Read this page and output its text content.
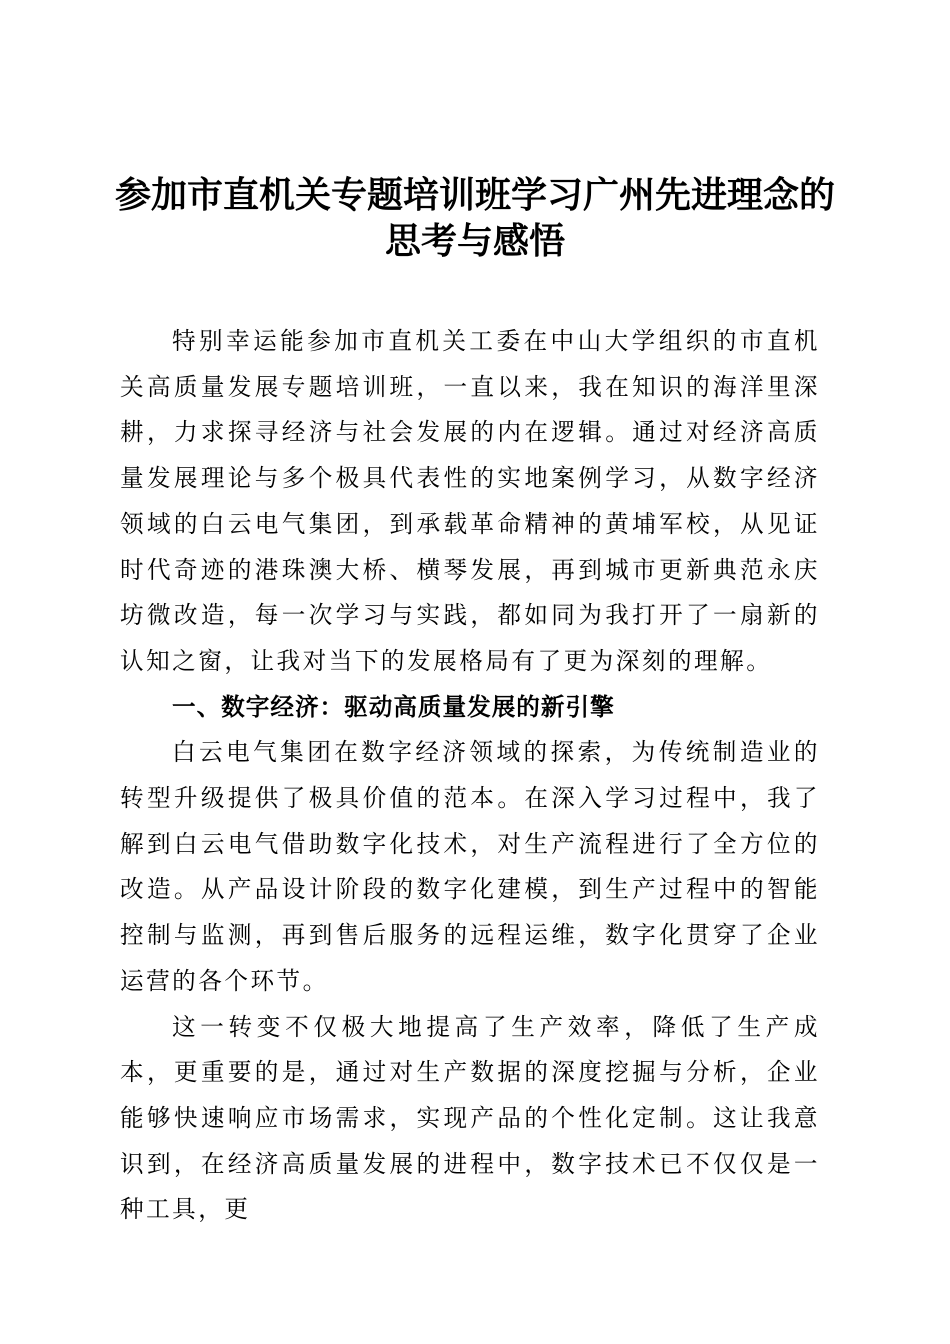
参加市直机关专题培训班学习广州先进理念的思考与感悟

特别幸运能参加市直机关工委在中山大学组织的市直机关高质量发展专题培训班，一直以来，我在知识的海洋里深耕，力求探寻经济与社会发展的内在逻辑。通过对经济高质量发展理论与多个极具代表性的实地案例学习，从数字经济领域的白云电气集团，到承载革命精神的黄埔军校，从见证时代奇迹的港珠澳大桥、横琴发展，再到城市更新典范永庆坊微改造，每一次学习与实践，都如同为我打开了一扇新的认知之窗，让我对当下的发展格局有了更为深刻的理解。

一、数字经济：驱动高质量发展的新引擎

白云电气集团在数字经济领域的探索，为传统制造业的转型升级提供了极具价值的范本。在深入学习过程中，我了解到白云电气借助数字化技术，对生产流程进行了全方位的改造。从产品设计阶段的数字化建模，到生产过程中的智能控制与监测，再到售后服务的远程运维，数字化贯穿了企业运营的各个环节。

这一转变不仅极大地提高了生产效率，降低了生产成本，更重要的是，通过对生产数据的深度挖掘与分析，企业能够快速响应市场需求，实现产品的个性化定制。这让我意识到，在经济高质量发展的进程中，数字技术已不仅仅是一种工具，更
